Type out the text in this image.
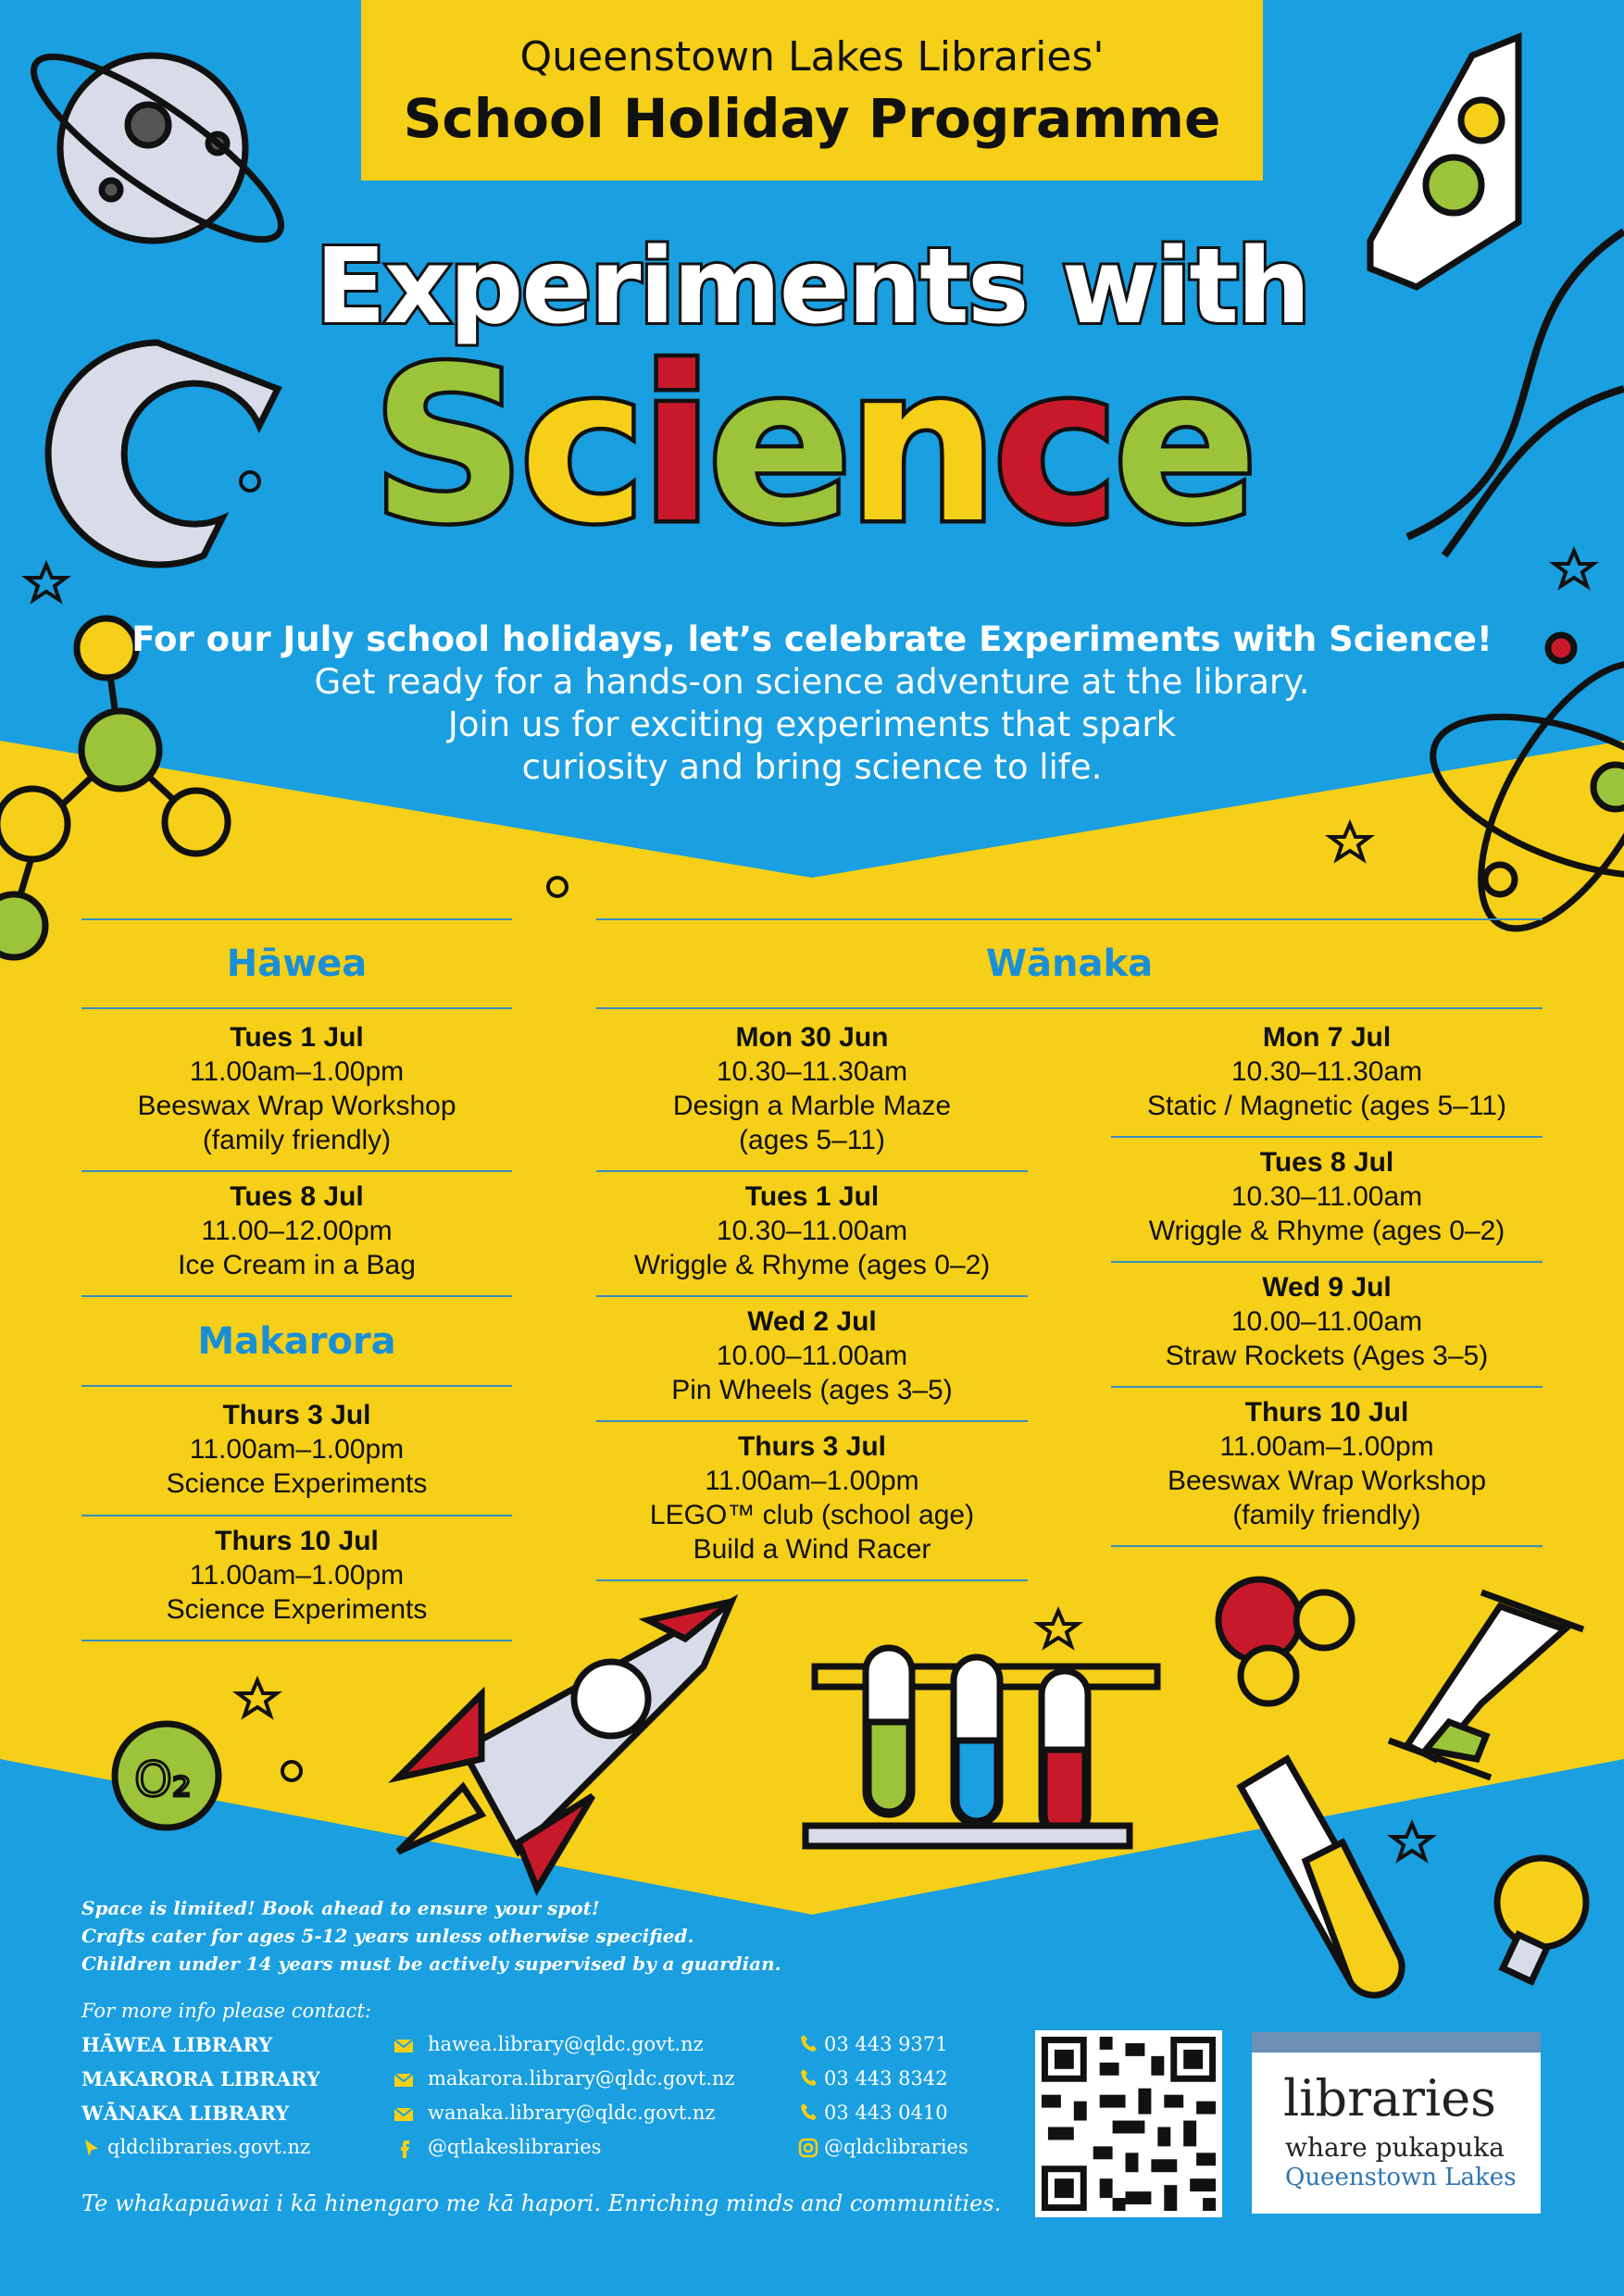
O₂
Queenstown Lakes Libraries'
School Holiday Programme
Experiments with
Science
For our July school holidays, let’s celebrate Experiments with Science!
Get ready for a hands-on science adventure at the library.
Join us for exciting experiments that spark
curiosity and bring science to life.
Hāwea
Tues 1 Jul
11.00am–1.00pm
Beeswax Wrap Workshop
(family friendly)
Tues 8 Jul
11.00–12.00pm
Ice Cream in a Bag
Makarora
Thurs 3 Jul
11.00am–1.00pm
Science Experiments
Thurs 10 Jul
11.00am–1.00pm
Science Experiments
Wānaka
Mon 30 Jun
10.30–11.30am
Design a Marble Maze
(ages 5–11)
Tues 1 Jul
10.30–11.00am
Wriggle & Rhyme (ages 0–2)
Wed 2 Jul
10.00–11.00am
Pin Wheels (ages 3–5)
Thurs 3 Jul
11.00am–1.00pm
LEGO™ club (school age)
Build a Wind Racer
Mon 7 Jul
10.30–11.30am
Static / Magnetic (ages 5–11)
Tues 8 Jul
10.30–11.00am
Wriggle & Rhyme (ages 0–2)
Wed 9 Jul
10.00–11.00am
Straw Rockets (Ages 3–5)
Thurs 10 Jul
11.00am–1.00pm
Beeswax Wrap Workshop
(family friendly)
Space is limited! Book ahead to ensure your spot!
Crafts cater for ages 5-12 years unless otherwise specified.
Children under 14 years must be actively supervised by a guardian.
For more info please contact:
HĀWEA LIBRARY
MAKARORA LIBRARY
WĀNAKA LIBRARY
qldclibraries.govt.nz
hawea.library@qldc.govt.nz
makarora.library@qldc.govt.nz
wanaka.library@qldc.govt.nz
@qtlakeslibraries
03 443 9371
03 443 8342
03 443 0410
@qldclibraries
libraries
whare pukapuka
Queenstown Lakes
Te whakapuāwai i kā hinengaro me kā hapori. Enriching minds and communities.
